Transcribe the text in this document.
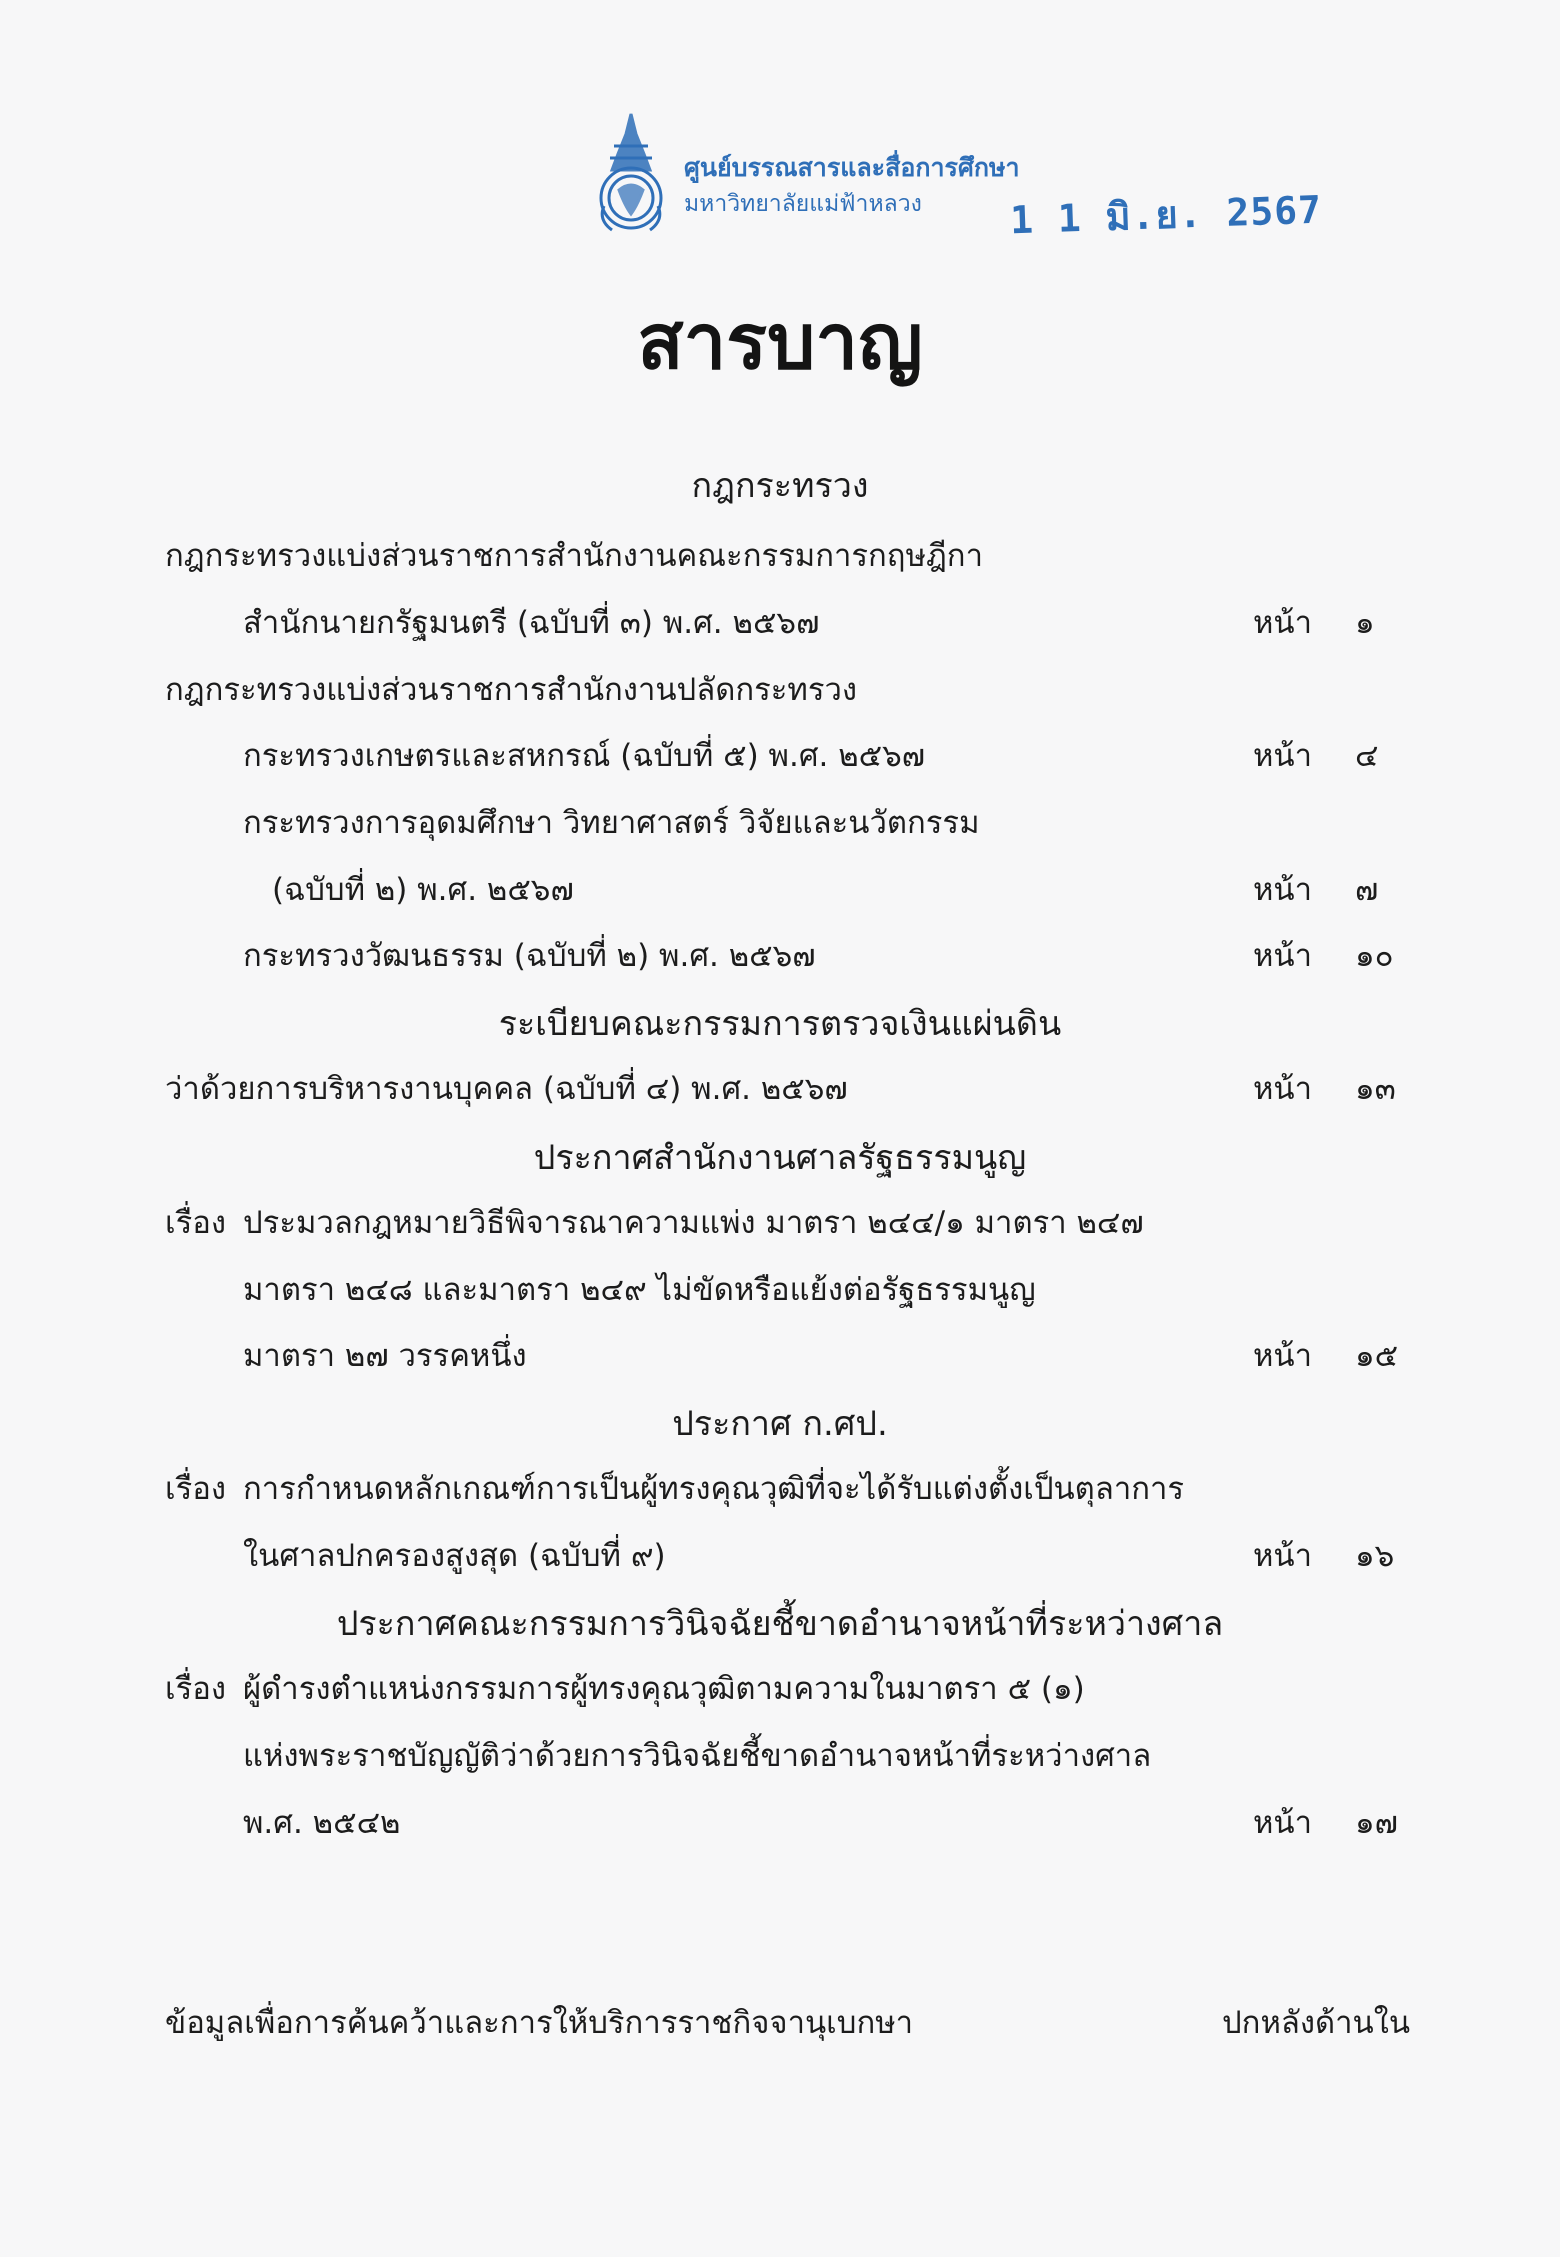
ศูนย์บรรณสารและสื่อการศึกษา
มหาวิทยาลัยแม่ฟ้าหลวง 1 1 มิ.ย. 2567
สารบาญ
กฎกระทรวง
กฎกระทรวงแบ่งส่วนราชการสำนักงานคณะกรรมการกฤษฎีกา
สำนักนายกรัฐมนตรี (ฉบับที่ ๓) พ.ศ. ๒๕๖๗	หน้า ๑
กฎกระทรวงแบ่งส่วนราชการสำนักงานปลัดกระทรวง
กระทรวงเกษตรและสหกรณ์ (ฉบับที่ ๕) พ.ศ. ๒๕๖๗	หน้า ๔
กระทรวงการอุดมศึกษา วิทยาศาสตร์ วิจัยและนวัตกรรม
(ฉบับที่ ๒) พ.ศ. ๒๕๖๗	หน้า ๗
กระทรวงวัฒนธรรม (ฉบับที่ ๒) พ.ศ. ๒๕๖๗	หน้า ๑๐
ระเบียบคณะกรรมการตรวจเงินแผ่นดิน
ว่าด้วยการบริหารงานบุคคล (ฉบับที่ ๔) พ.ศ. ๒๕๖๗	หน้า ๑๓
ประกาศสำนักงานศาลรัฐธรรมนูญ
เรื่อง ประมวลกฎหมายวิธีพิจารณาความแพ่ง มาตรา ๒๔๔/๑ มาตรา ๒๔๗
มาตรา ๒๔๘ และมาตรา ๒๔๙ ไม่ขัดหรือแย้งต่อรัฐธรรมนูญ
มาตรา ๒๗ วรรคหนึ่ง	หน้า ๑๕
ประกาศ ก.ศป.
เรื่อง การกำหนดหลักเกณฑ์การเป็นผู้ทรงคุณวุฒิที่จะได้รับแต่งตั้งเป็นตุลาการ
ในศาลปกครองสูงสุด (ฉบับที่ ๙)	หน้า ๑๖
ประกาศคณะกรรมการวินิจฉัยชี้ขาดอำนาจหน้าที่ระหว่างศาล
เรื่อง ผู้ดำรงตำแหน่งกรรมการผู้ทรงคุณวุฒิตามความในมาตรา ๕ (๑)
แห่งพระราชบัญญัติว่าด้วยการวินิจฉัยชี้ขาดอำนาจหน้าที่ระหว่างศาล
พ.ศ. ๒๕๔๒	หน้า ๑๗
ข้อมูลเพื่อการค้นคว้าและการให้บริการราชกิจจานุเบกษา	ปกหลังด้านใน
